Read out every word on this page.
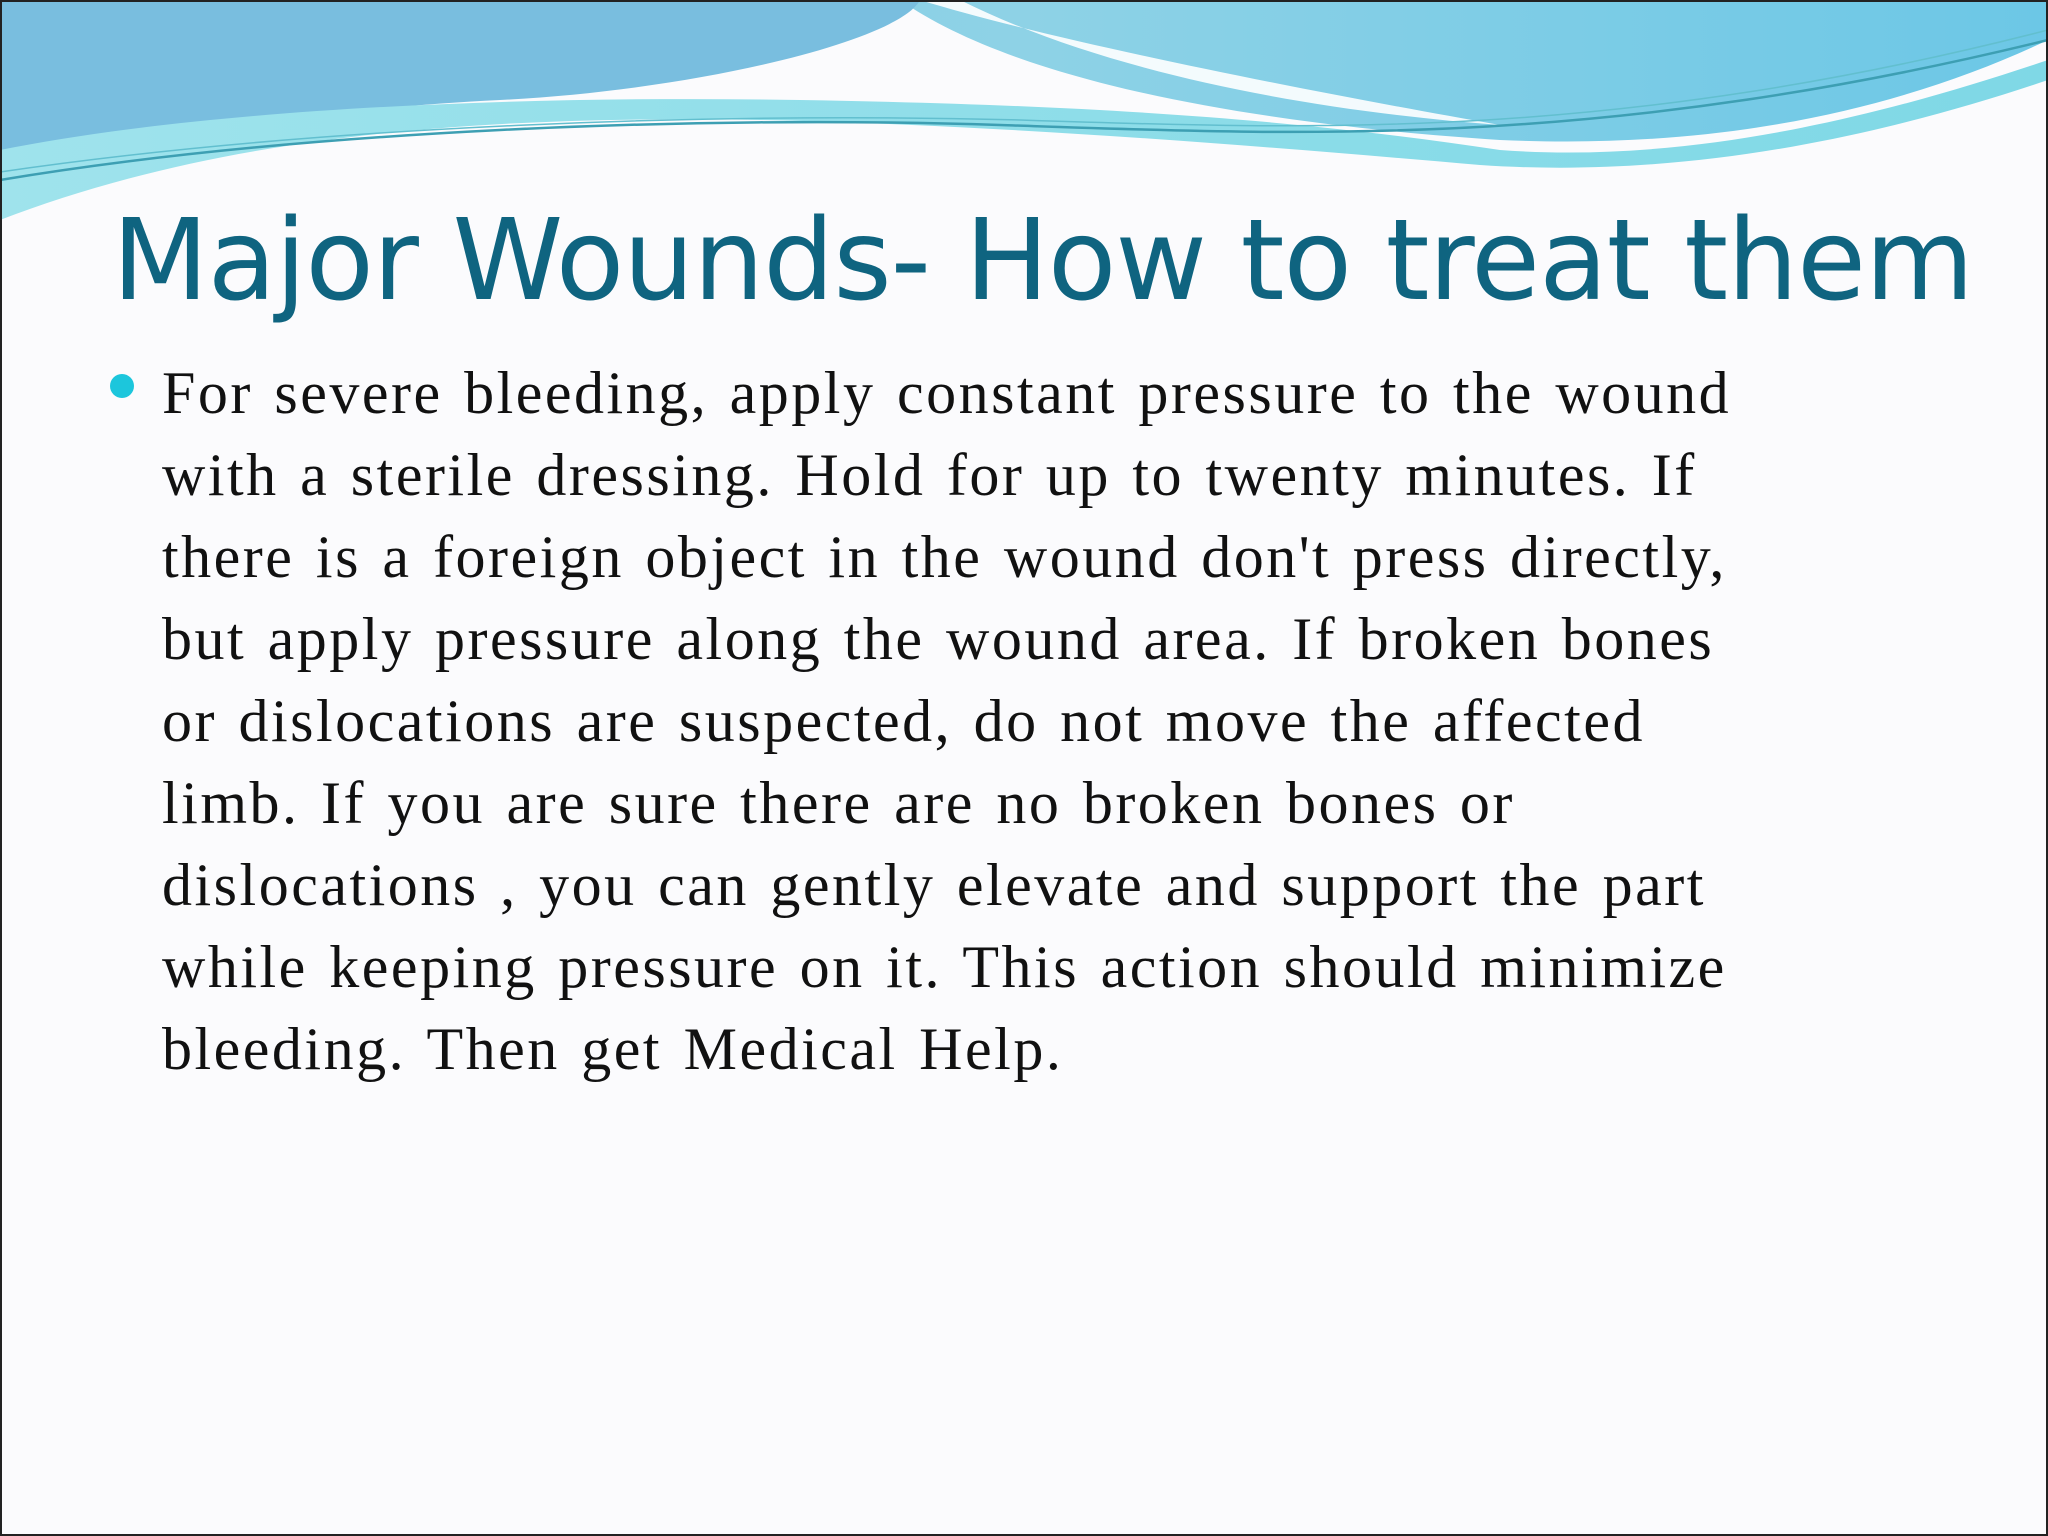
Major Wounds- How to treat them
For severe bleeding, apply constant pressure to the wound
with a sterile dressing. Hold for up to twenty minutes. If
there is a foreign object in the wound don't press directly,
but apply pressure along the wound area. If broken bones
or dislocations are suspected, do not move the affected
limb. If you are sure there are no broken bones or
dislocations , you can gently elevate and support the part
while keeping pressure on it. This action should minimize
bleeding. Then get Medical Help.
